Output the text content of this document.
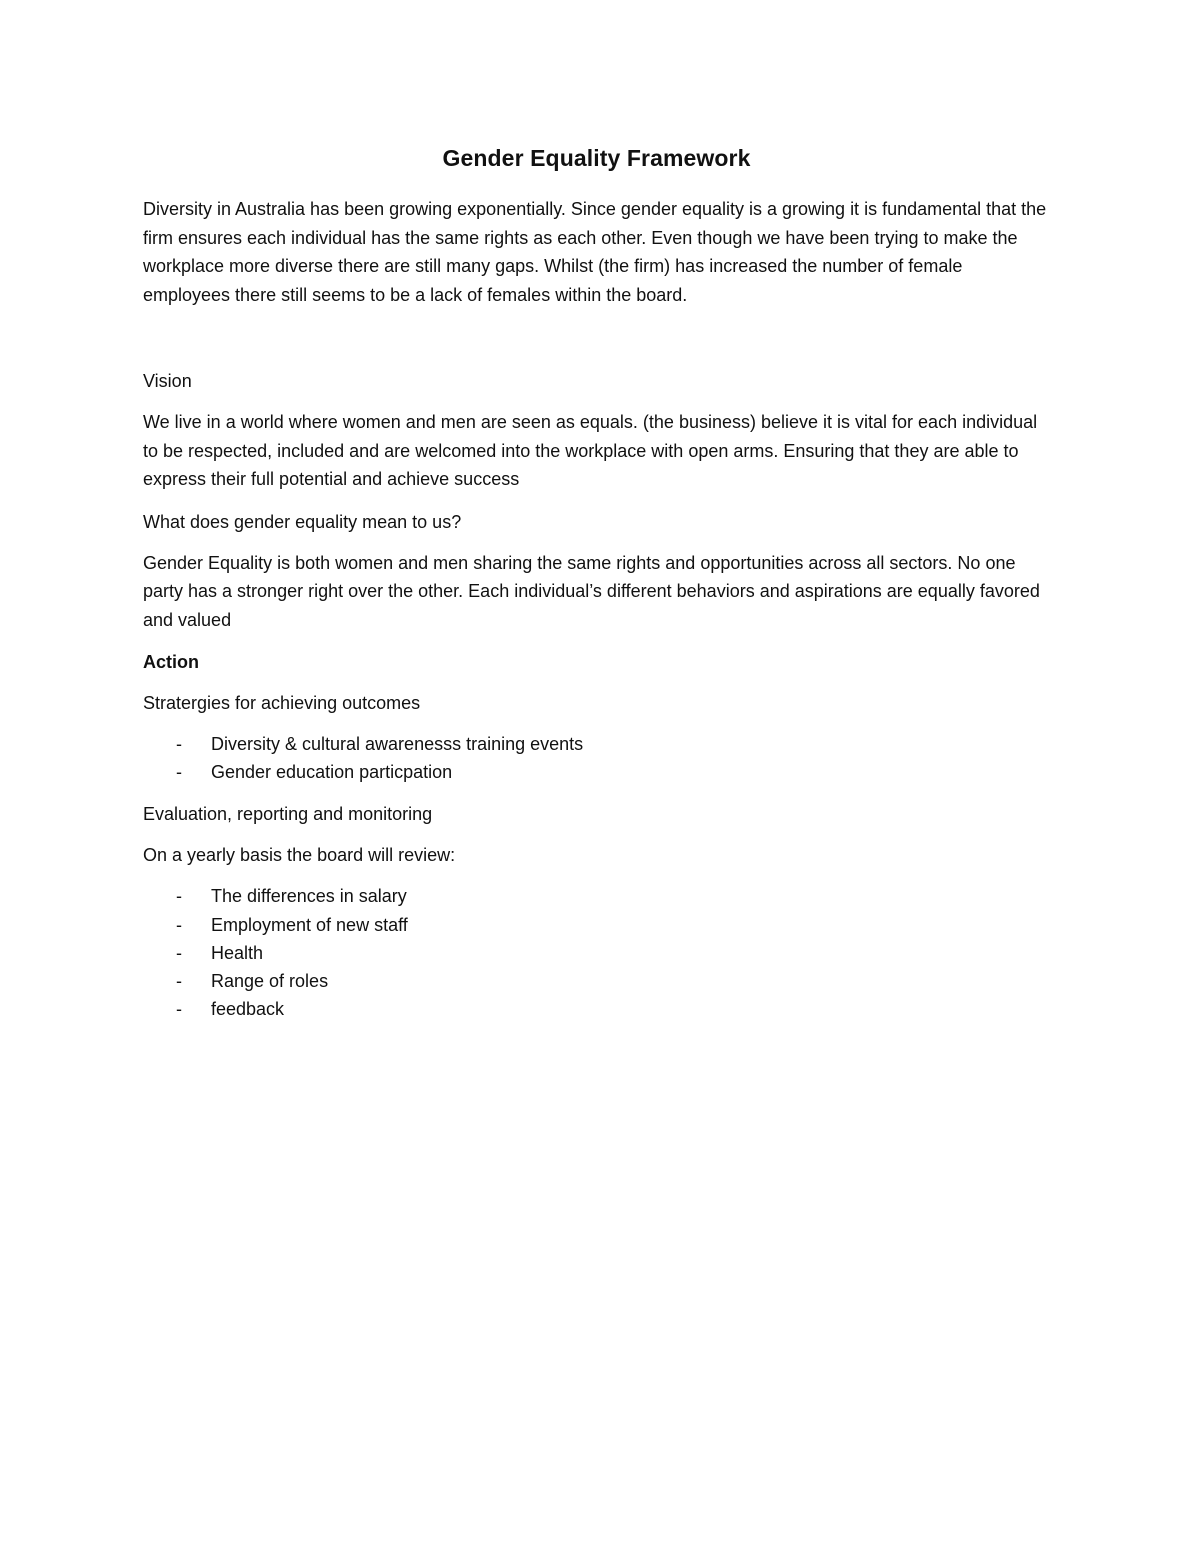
Gender Equality Framework

Diversity in Australia has been growing exponentially. Since gender equality is a growing it is fundamental that the firm ensures each individual has the same rights as each other. Even though we have been trying to make the workplace more diverse there are still many gaps. Whilst (the firm) has increased the number of female employees there still seems to be a lack of females within the board.

Vision

We live in a world where women and men are seen as equals. (the business) believe it is vital for each individual to be respected, included and are welcomed into the workplace with open arms. Ensuring that they are able to express their full potential and achieve success

What does gender equality mean to us?

Gender Equality is both women and men sharing the same rights and opportunities across all sectors. No one party has a stronger right over the other. Each individual’s different behaviors and aspirations are equally favored and valued

Action
Stratergies for achieving outcomes
- Diversity & cultural awarenesss training events
- Gender education particpation
Evaluation, reporting and monitoring
On a yearly basis the board will review:
- The differences in salary
- Employment of new staff
- Health
- Range of roles
- feedback
